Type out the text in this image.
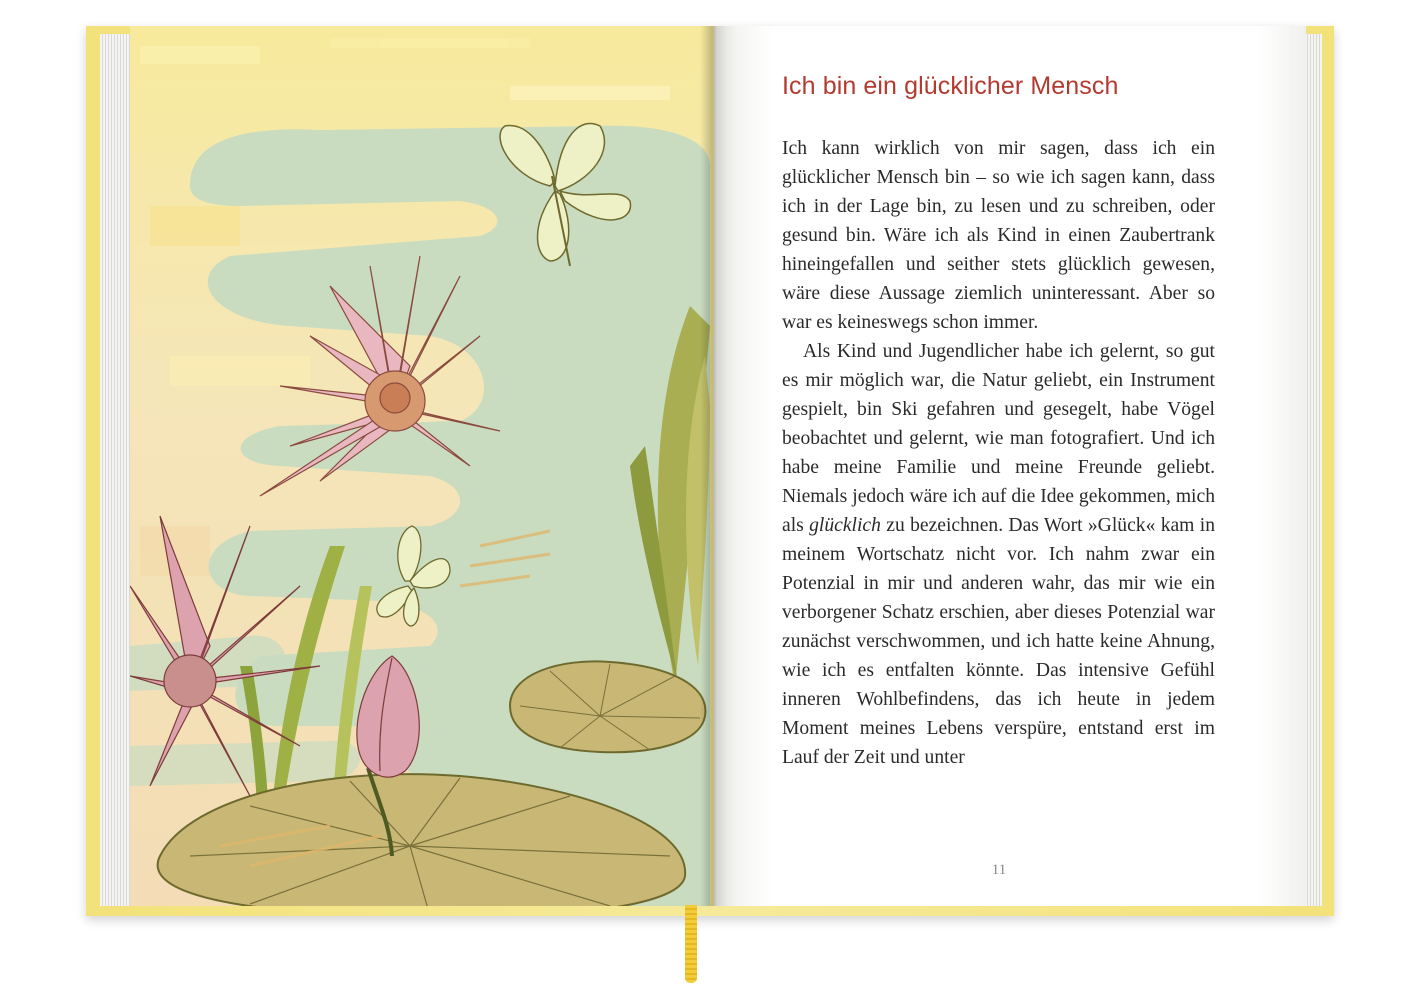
Ich bin ein glücklicher Mensch

Ich kann wirklich von mir sagen, dass ich ein glücklicher Mensch bin – so wie ich sagen kann, dass ich in der Lage bin, zu lesen und zu schreiben, oder gesund bin. Wäre ich als Kind in einen Zaubertrank hineingefallen und seither stets glücklich gewesen, wäre diese Aussage ziemlich uninteressant. Aber so war es keineswegs schon immer.

Als Kind und Jugendlicher habe ich gelernt, so gut es mir möglich war, die Natur geliebt, ein Instrument gespielt, bin Ski gefahren und gesegelt, habe Vögel beobachtet und gelernt, wie man fotografiert. Und ich habe meine Familie und meine Freunde geliebt. Niemals jedoch wäre ich auf die Idee gekommen, mich als glücklich zu bezeichnen. Das Wort »Glück« kam in meinem Wortschatz nicht vor. Ich nahm zwar ein Potenzial in mir und anderen wahr, das mir wie ein verborgener Schatz erschien, aber dieses Potenzial war zunächst verschwommen, und ich hatte keine Ahnung, wie ich es entfalten könnte. Das intensive Gefühl inneren Wohlbefindens, das ich heute in jedem Moment meines Lebens verspüre, entstand erst im Lauf der Zeit und unter

11
